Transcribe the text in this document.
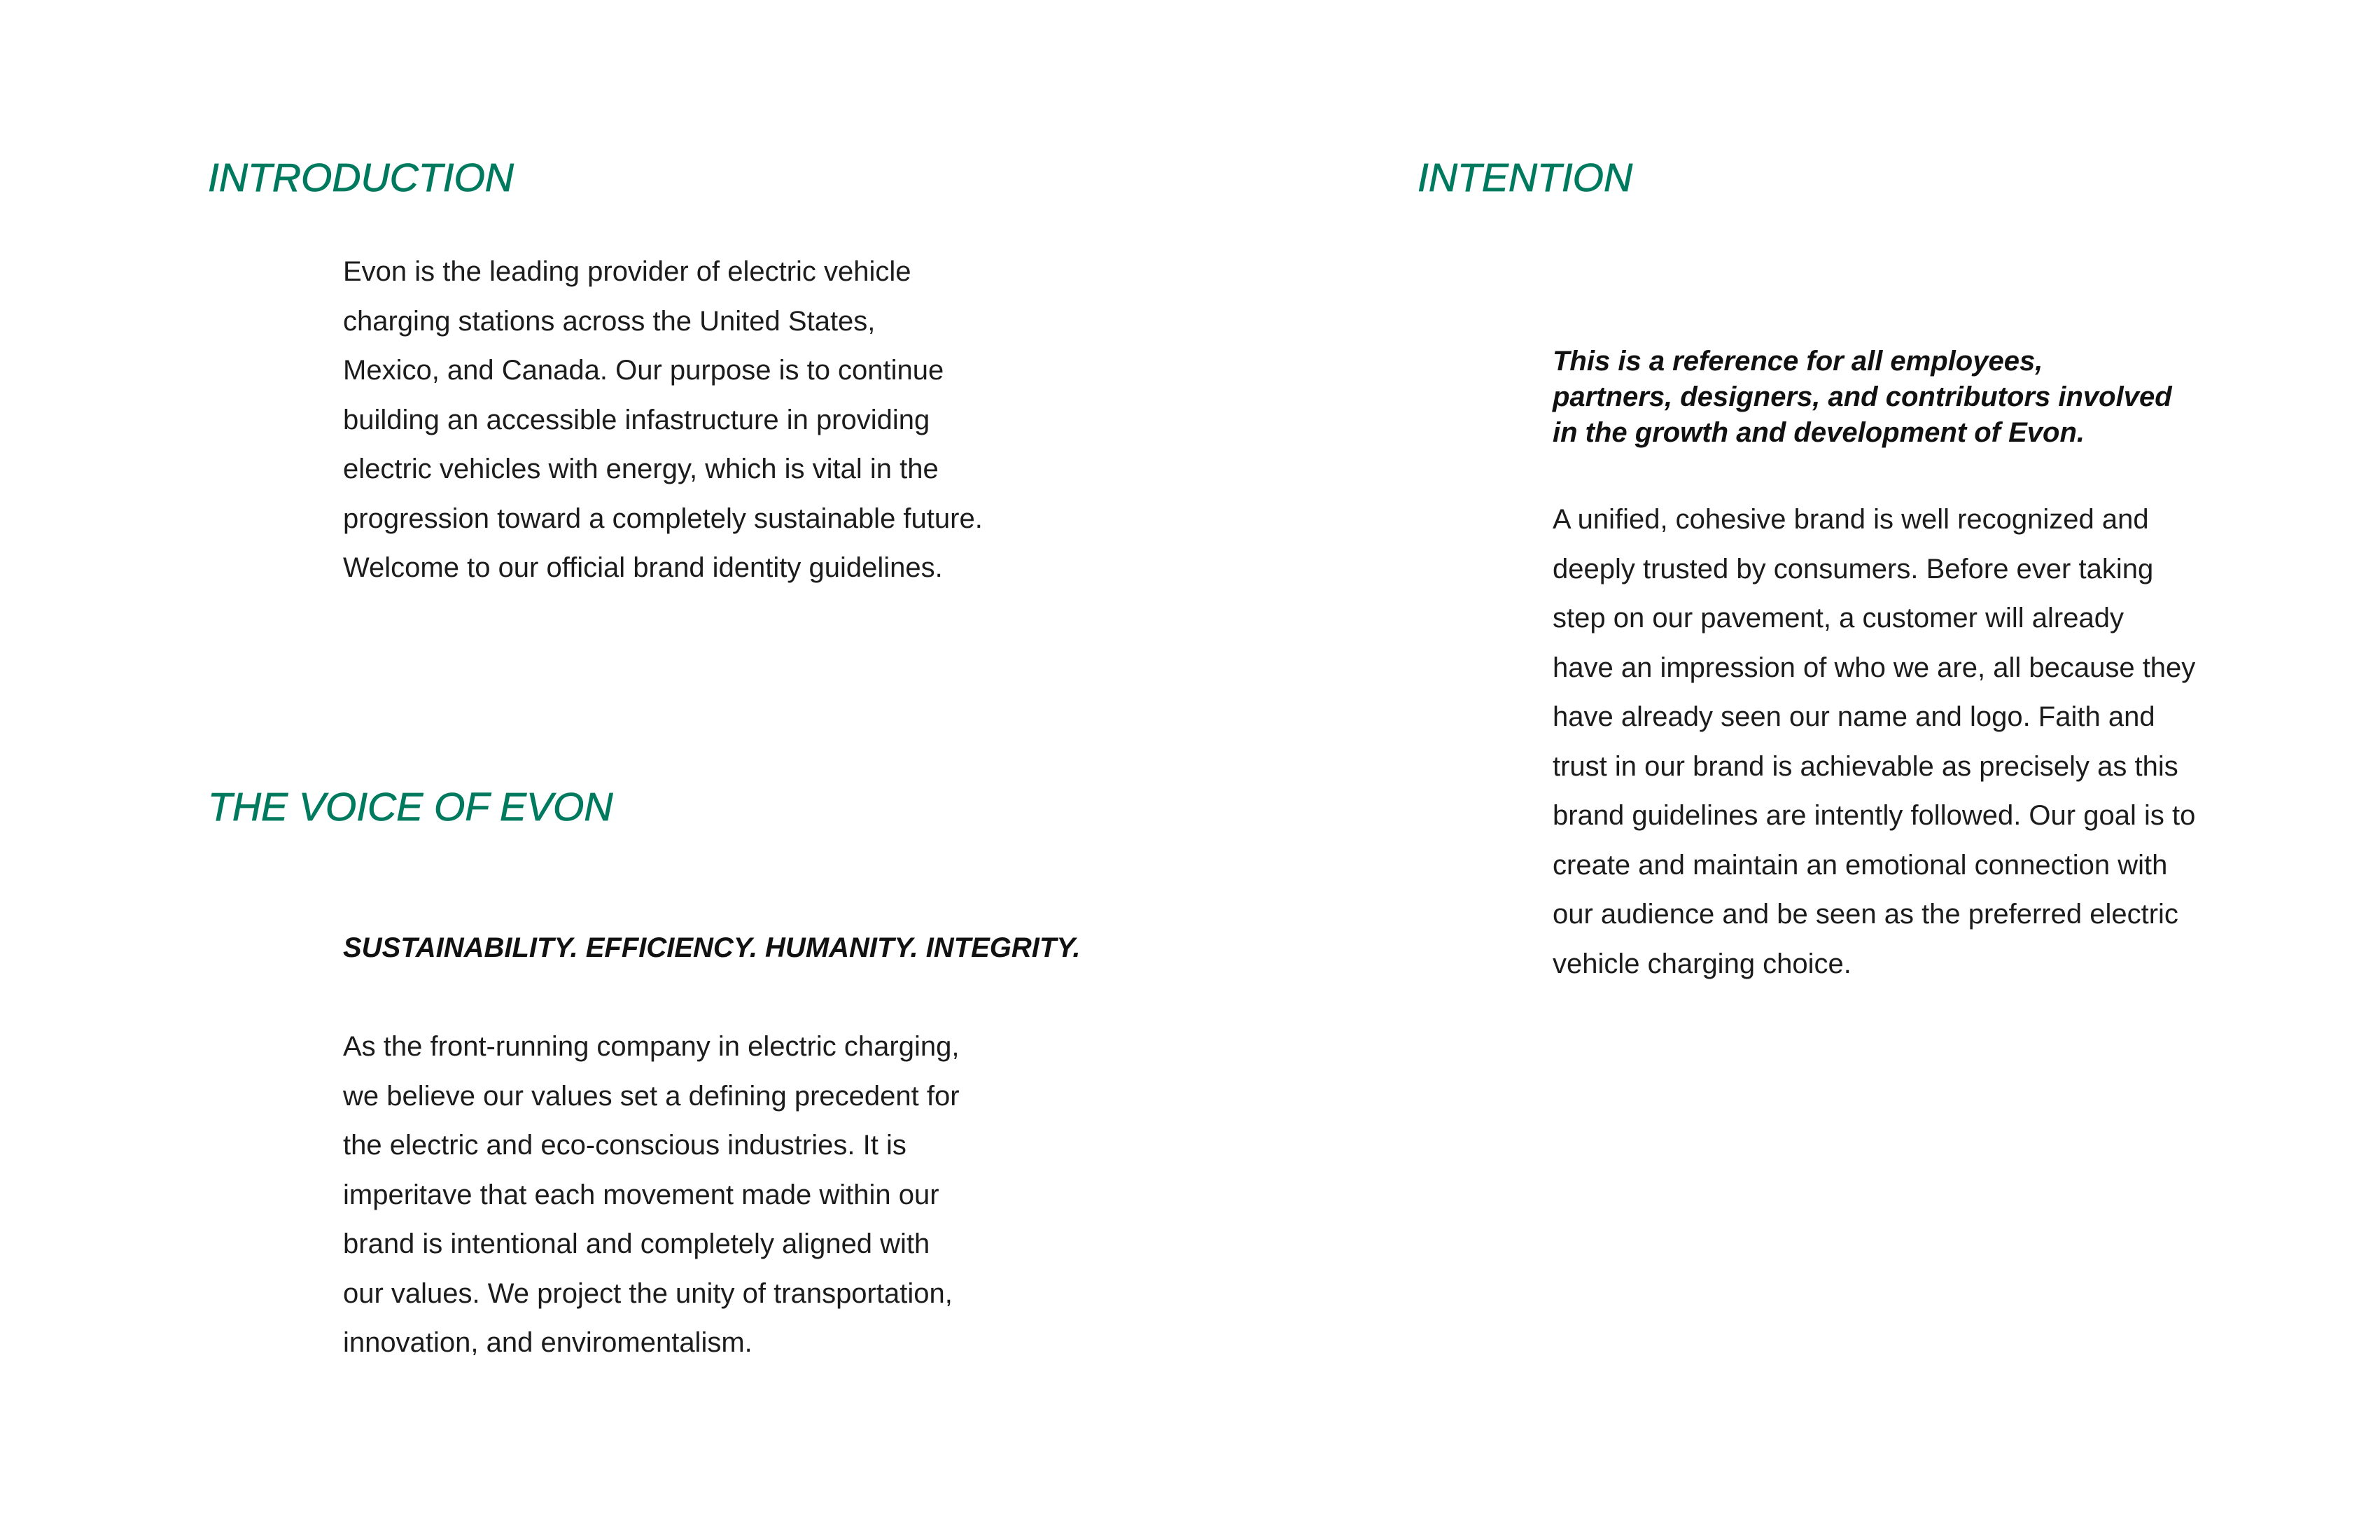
INTRODUCTION
Evon is the leading provider of electric vehicle
charging stations across the United States,
Mexico, and Canada. Our purpose is to continue
building an accessible infastructure in providing
electric vehicles with energy, which is vital in the
progression toward a completely sustainable future.
Welcome to our official brand identity guidelines.
THE VOICE OF EVON

SUSTAINABILITY. EFFICIENCY. HUMANITY. INTEGRITY.

As the front-running company in electric charging,
we believe our values set a defining precedent for
the electric and eco-conscious industries. It is
imperitave that each movement made within our
brand is intentional and completely aligned with
our values. We project the unity of transportation,
innovation, and enviromentalism.
INTENTION
This is a reference for all employees,
partners, designers, and contributors involved
in the growth and development of Evon.
A unified, cohesive brand is well recognized and
deeply trusted by consumers. Before ever taking
step on our pavement, a customer will already
have an impression of who we are, all because they
have already seen our name and logo. Faith and
trust in our brand is achievable as precisely as this
brand guidelines are intently followed. Our goal is to
create and maintain an emotional connection with
our audience and be seen as the preferred electric
vehicle charging choice.
